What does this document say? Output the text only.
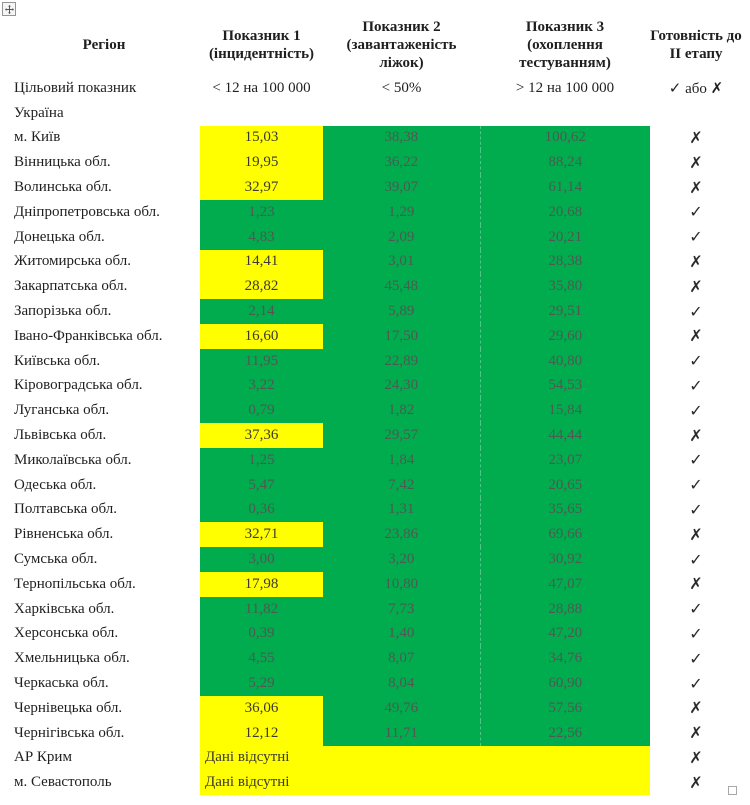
Регіон	Показник 1 (інцидентність)	Показник 2 (завантаженість ліжок)	Показник 3 (охоплення тестуванням)	Готовність до II етапу
Цільовий показник	< 12 на 100 000	< 50%	> 12 на 100 000	✓ або ✗
Україна				
м. Київ	15,03	38,38	100,62	✗
Вінницька обл.	19,95	36,22	88,24	✗
Волинська обл.	32,97	39,07	61,14	✗
Дніпропетровська обл.	1,23	1,29	20,68	✓
Донецька обл.	4,83	2,09	20,21	✓
Житомирська обл.	14,41	3,01	28,38	✗
Закарпатська обл.	28,82	45,48	35,80	✗
Запорізька обл.	2,14	5,89	29,51	✓
Івано-Франківська обл.	16,60	17,50	29,60	✗
Київська обл.	11,95	22,89	40,80	✓
Кіровоградська обл.	3,22	24,30	54,53	✓
Луганська обл.	0,79	1,82	15,84	✓
Львівська обл.	37,36	29,57	44,44	✗
Миколаївська обл.	1,25	1,84	23,07	✓
Одеська обл.	5,47	7,42	20,65	✓
Полтавська обл.	0,36	1,31	35,65	✓
Рівненська обл.	32,71	23,86	69,66	✗
Сумська обл.	3,00	3,20	30,92	✓
Тернопільська обл.	17,98	10,80	47,07	✗
Харківська обл.	11,82	7,73	28,88	✓
Херсонська обл.	0,39	1,40	47,20	✓
Хмельницька обл.	4,55	8,07	34,76	✓
Черкаська обл.	5,29	8,04	60,90	✓
Чернівецька обл.	36,06	49,76	57,56	✗
Чернігівська обл.	12,12	11,71	22,56	✗
АР Крим	Дані відсутні			✗
м. Севастополь	Дані відсутні			✗
